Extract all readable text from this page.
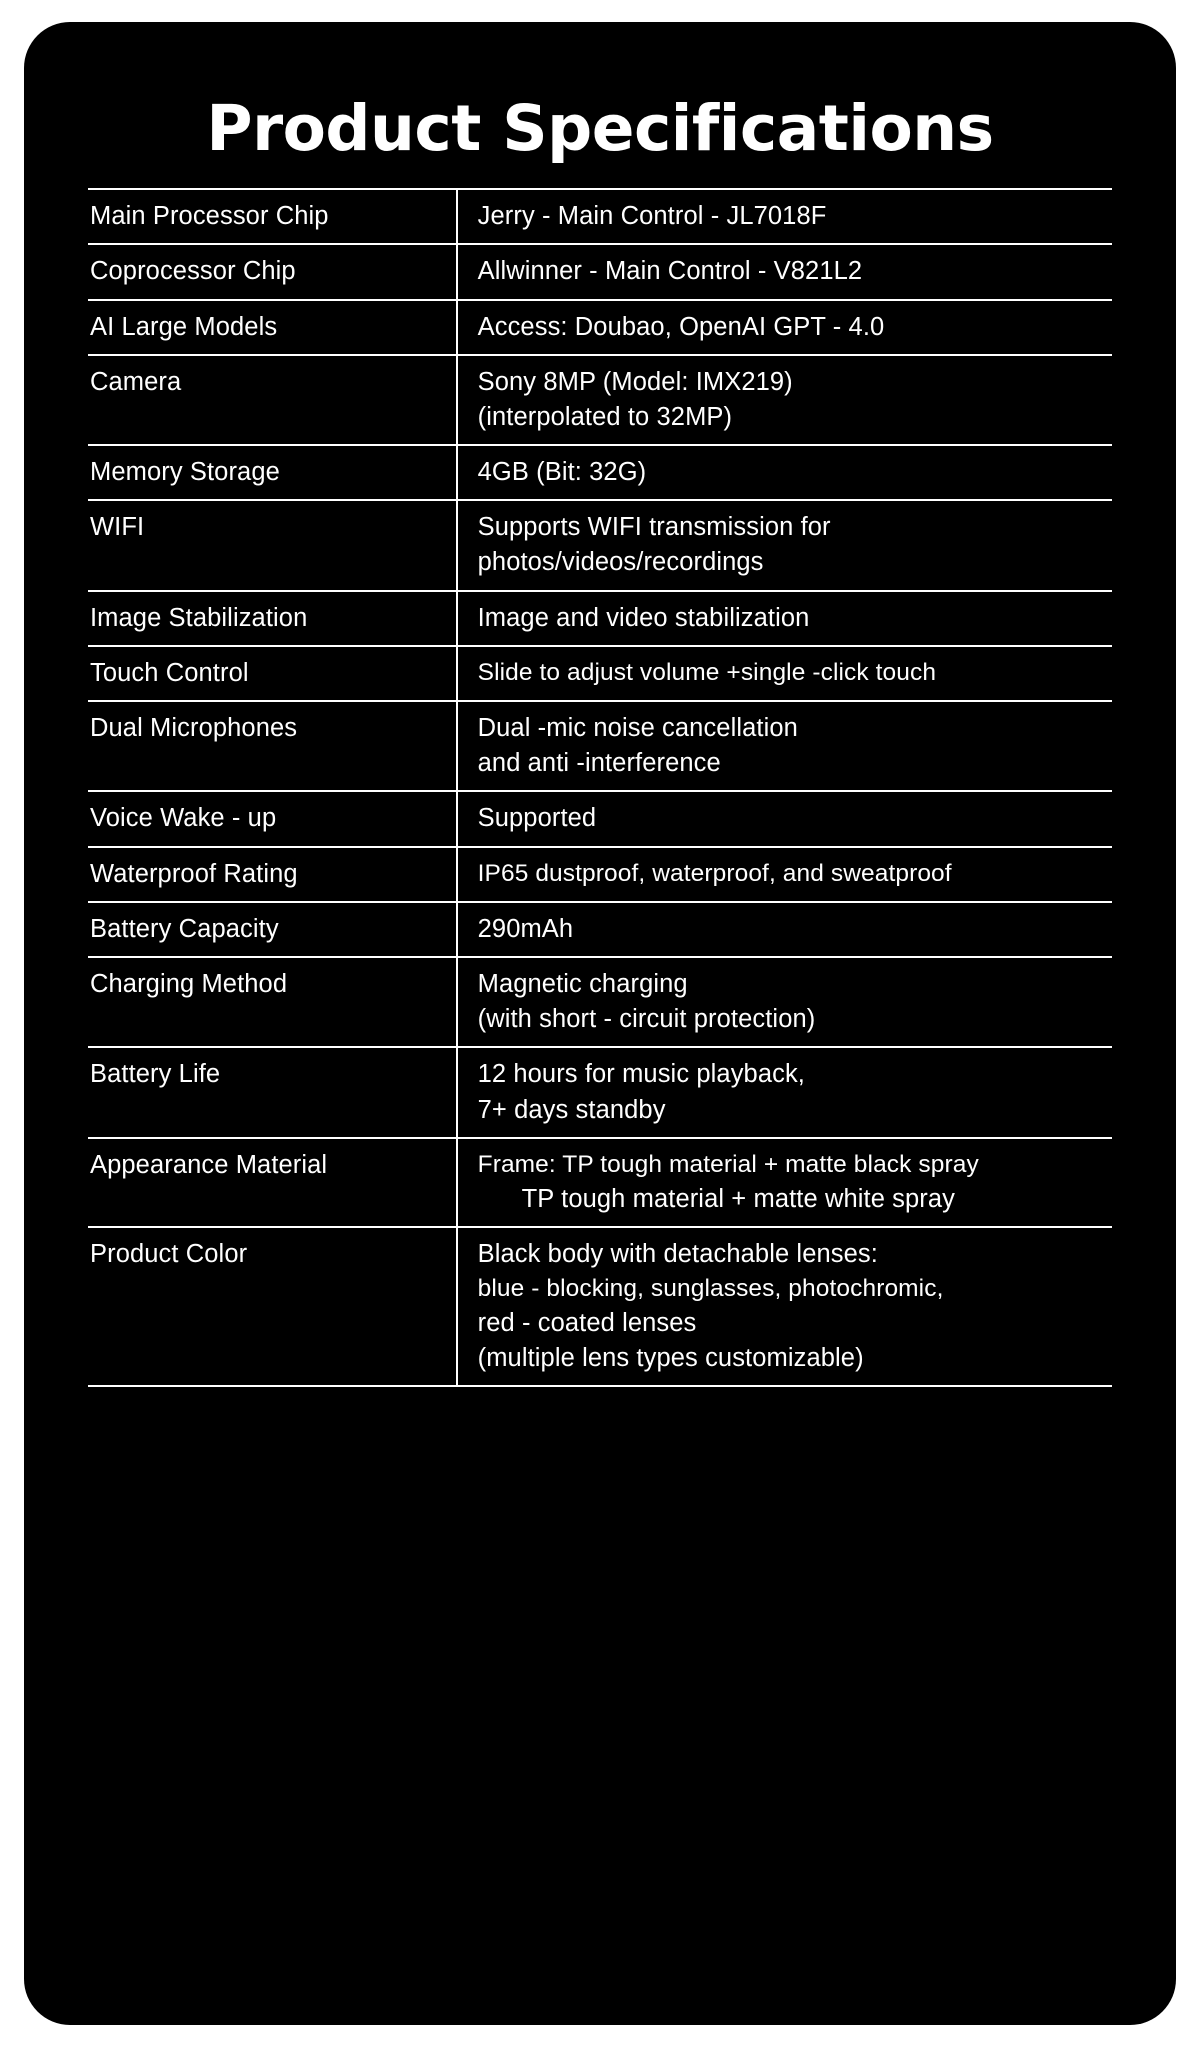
Product Specifications
Main Processor Chip	Jerry - Main Control - JL7018F

Coprocessor Chip	Allwinner - Main Control - V821L2

AI Large Models	Access: Doubao, OpenAI GPT - 4.0

Camera	Sony 8MP (Model: IMX219)
(interpolated to 32MP)

Memory Storage	4GB (Bit: 32G)

WIFI	Supports WIFI transmission for
photos/videos/recordings

Image Stabilization	Image and video stabilization

Touch Control	Slide to adjust volume +single -click touch

Dual Microphones	Dual -mic noise cancellation
and anti -interference

Voice Wake - up	Supported

Waterproof Rating	IP65 dustproof, waterproof, and sweatproof

Battery Capacity	290mAh

Charging Method	Magnetic charging
(with short - circuit protection)

Battery Life	12 hours for music playback,
7+ days standby

Appearance Material	Frame: TP tough material + matte black spray
TP tough material + matte white spray

Product Color	Black body with detachable lenses:
blue - blocking, sunglasses, photochromic,
red - coated lenses
(multiple lens types customizable)
